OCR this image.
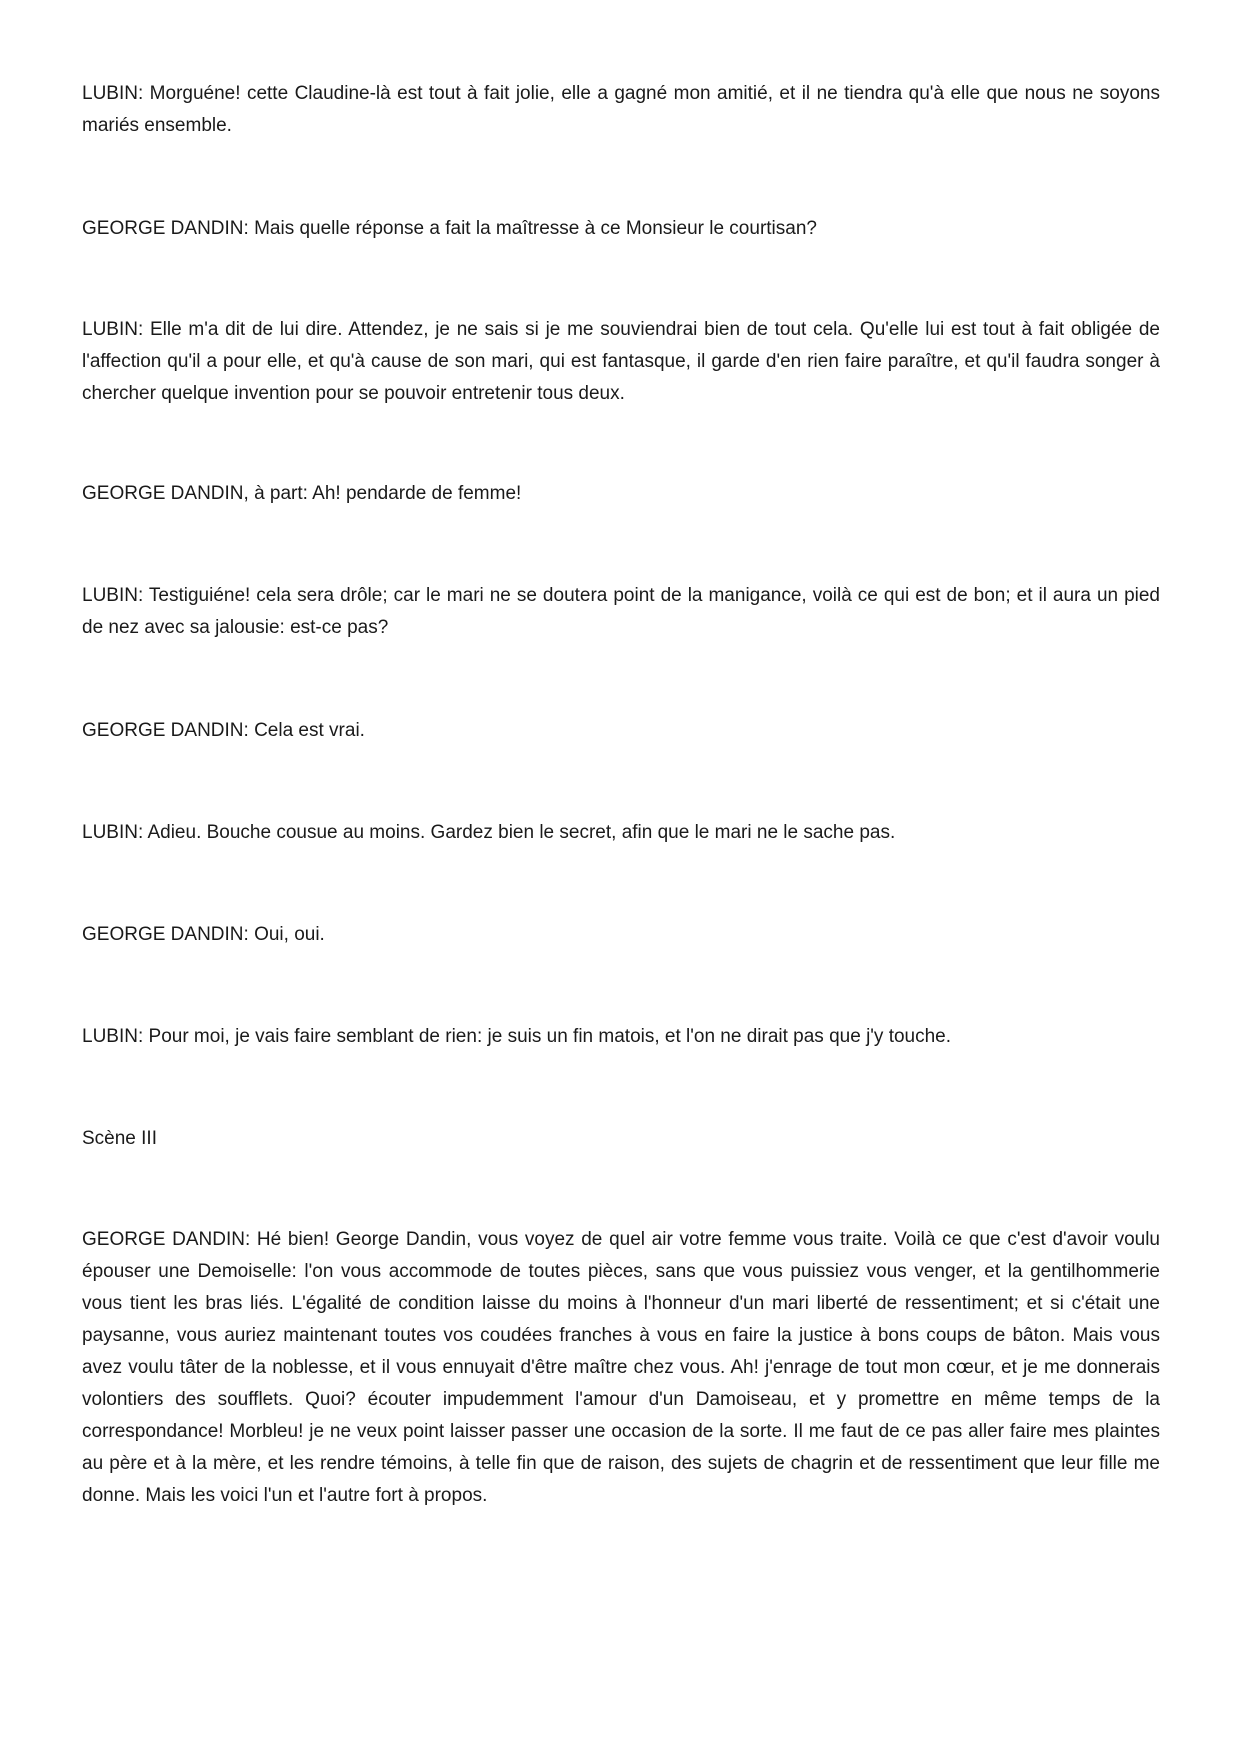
LUBIN: Morguéne! cette Claudine-là est tout à fait jolie, elle a gagné mon amitié, et il ne tiendra qu'à elle que nous ne soyons mariés ensemble.

GEORGE DANDIN: Mais quelle réponse a fait la maîtresse à ce Monsieur le courtisan?

LUBIN: Elle m'a dit de lui dire. Attendez, je ne sais si je me souviendrai bien de tout cela. Qu'elle lui est tout à fait obligée de l'affection qu'il a pour elle, et qu'à cause de son mari, qui est fantasque, il garde d'en rien faire paraître, et qu'il faudra songer à chercher quelque invention pour se pouvoir entretenir tous deux.

GEORGE DANDIN, à part: Ah! pendarde de femme!

LUBIN: Testiguiéne! cela sera drôle; car le mari ne se doutera point de la manigance, voilà ce qui est de bon; et il aura un pied de nez avec sa jalousie: est-ce pas?

GEORGE DANDIN: Cela est vrai.

LUBIN: Adieu. Bouche cousue au moins. Gardez bien le secret, afin que le mari ne le sache pas.

GEORGE DANDIN: Oui, oui.

LUBIN: Pour moi, je vais faire semblant de rien: je suis un fin matois, et l'on ne dirait pas que j'y touche.

Scène III

GEORGE DANDIN: Hé bien! George Dandin, vous voyez de quel air votre femme vous traite. Voilà ce que c'est d'avoir voulu épouser une Demoiselle: l'on vous accommode de toutes pièces, sans que vous puissiez vous venger, et la gentilhommerie vous tient les bras liés. L'égalité de condition laisse du moins à l'honneur d'un mari liberté de ressentiment; et si c'était une paysanne, vous auriez maintenant toutes vos coudées franches à vous en faire la justice à bons coups de bâton. Mais vous avez voulu tâter de la noblesse, et il vous ennuyait d'être maître chez vous. Ah! j'enrage de tout mon cœur, et je me donnerais volontiers des soufflets. Quoi? écouter impudemment l'amour d'un Damoiseau, et y promettre en même temps de la correspondance! Morbleu! je ne veux point laisser passer une occasion de la sorte. Il me faut de ce pas aller faire mes plaintes au père et à la mère, et les rendre témoins, à telle fin que de raison, des sujets de chagrin et de ressentiment que leur fille me donne. Mais les voici l'un et l'autre fort à propos.
